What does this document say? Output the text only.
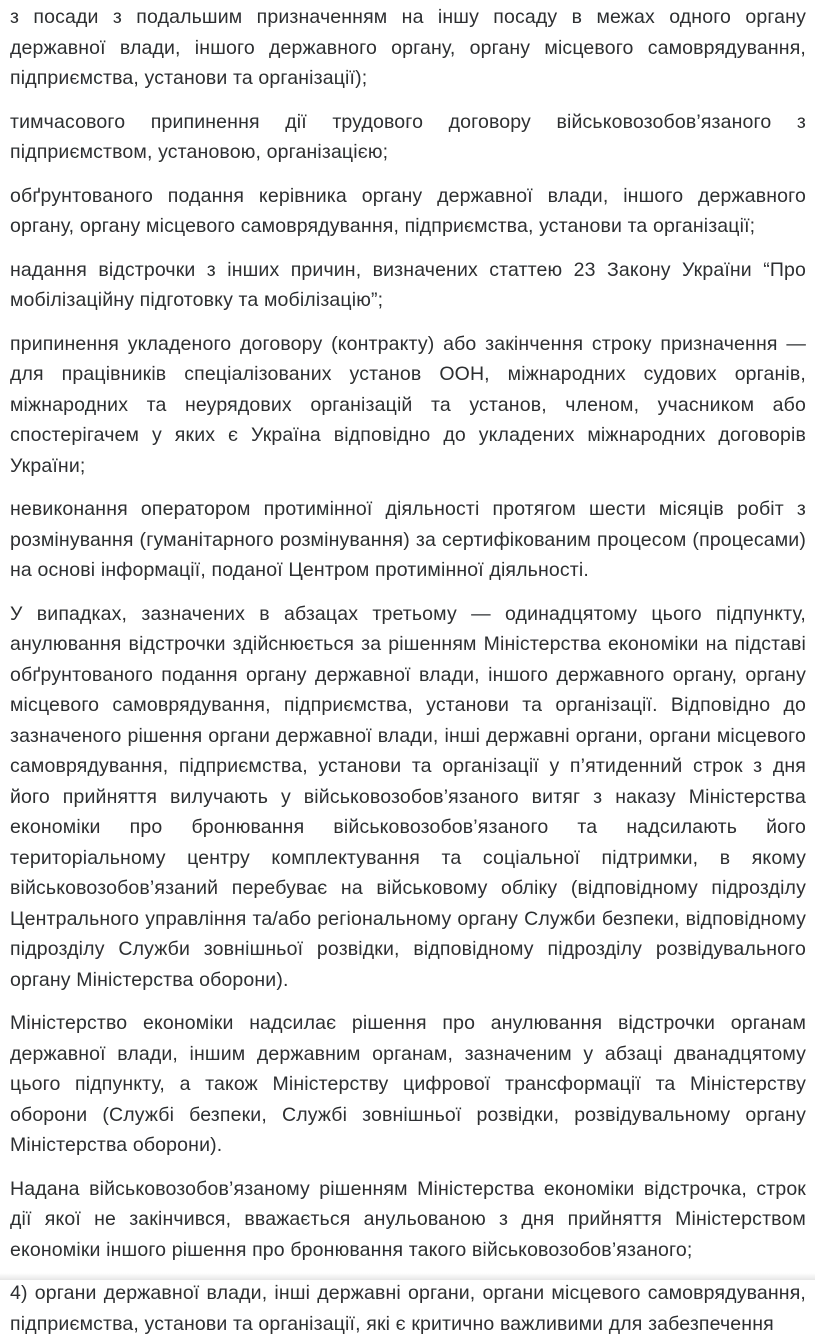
з посади з подальшим призначенням на іншу посаду в межах одного органу державної влади, іншого державного органу, органу місцевого самоврядування, підприємства, установи та організації);

тимчасового припинення дії трудового договору військовозобов’язаного з підприємством, установою, організацією;

обґрунтованого подання керівника органу державної влади, іншого державного органу, органу місцевого самоврядування, підприємства, установи та організації;

надання відстрочки з інших причин, визначених статтею 23 Закону України “Про мобілізаційну підготовку та мобілізацію”;

припинення укладеного договору (контракту) або закінчення строку призначення — для працівників спеціалізованих установ ООН, міжнародних судових органів, міжнародних та неурядових організацій та установ, членом, учасником або спостерігачем у яких є Україна відповідно до укладених міжнародних договорів України;

невиконання оператором протимінної діяльності протягом шести місяців робіт з розмінування (гуманітарного розмінування) за сертифікованим процесом (процесами) на основі інформації, поданої Центром протимінної діяльності.

У випадках, зазначених в абзацах третьому — одинадцятому цього підпункту, анулювання відстрочки здійснюється за рішенням Міністерства економіки на підставі обґрунтованого подання органу державної влади, іншого державного органу, органу місцевого самоврядування, підприємства, установи та організації. Відповідно до зазначеного рішення органи державної влади, інші державні органи, органи місцевого самоврядування, підприємства, установи та організації у п’ятиденний строк з дня його прийняття вилучають у військовозобов’язаного витяг з наказу Міністерства економіки про бронювання військовозобов’язаного та надсилають його територіальному центру комплектування та соціальної підтримки, в якому військовозобов’язаний перебуває на військовому обліку (відповідному підрозділу Центрального управління та/або регіональному органу Служби безпеки, відповідному підрозділу Служби зовнішньої розвідки, відповідному підрозділу розвідувального органу Міністерства оборони).

Міністерство економіки надсилає рішення про анулювання відстрочки органам державної влади, іншим державним органам, зазначеним у абзаці дванадцятому цього підпункту, а також Міністерству цифрової трансформації та Міністерству оборони (Службі безпеки, Службі зовнішньої розвідки, розвідувальному органу Міністерства оборони).

Надана військовозобов’язаному рішенням Міністерства економіки відстрочка, строк дії якої не закінчився, вважається анульованою з дня прийняття Міністерством економіки іншого рішення про бронювання такого військовозобов’язаного;

4) органи державної влади, інші державні органи, органи місцевого самоврядування, підприємства, установи та організації, які є критично важливими для забезпечення
